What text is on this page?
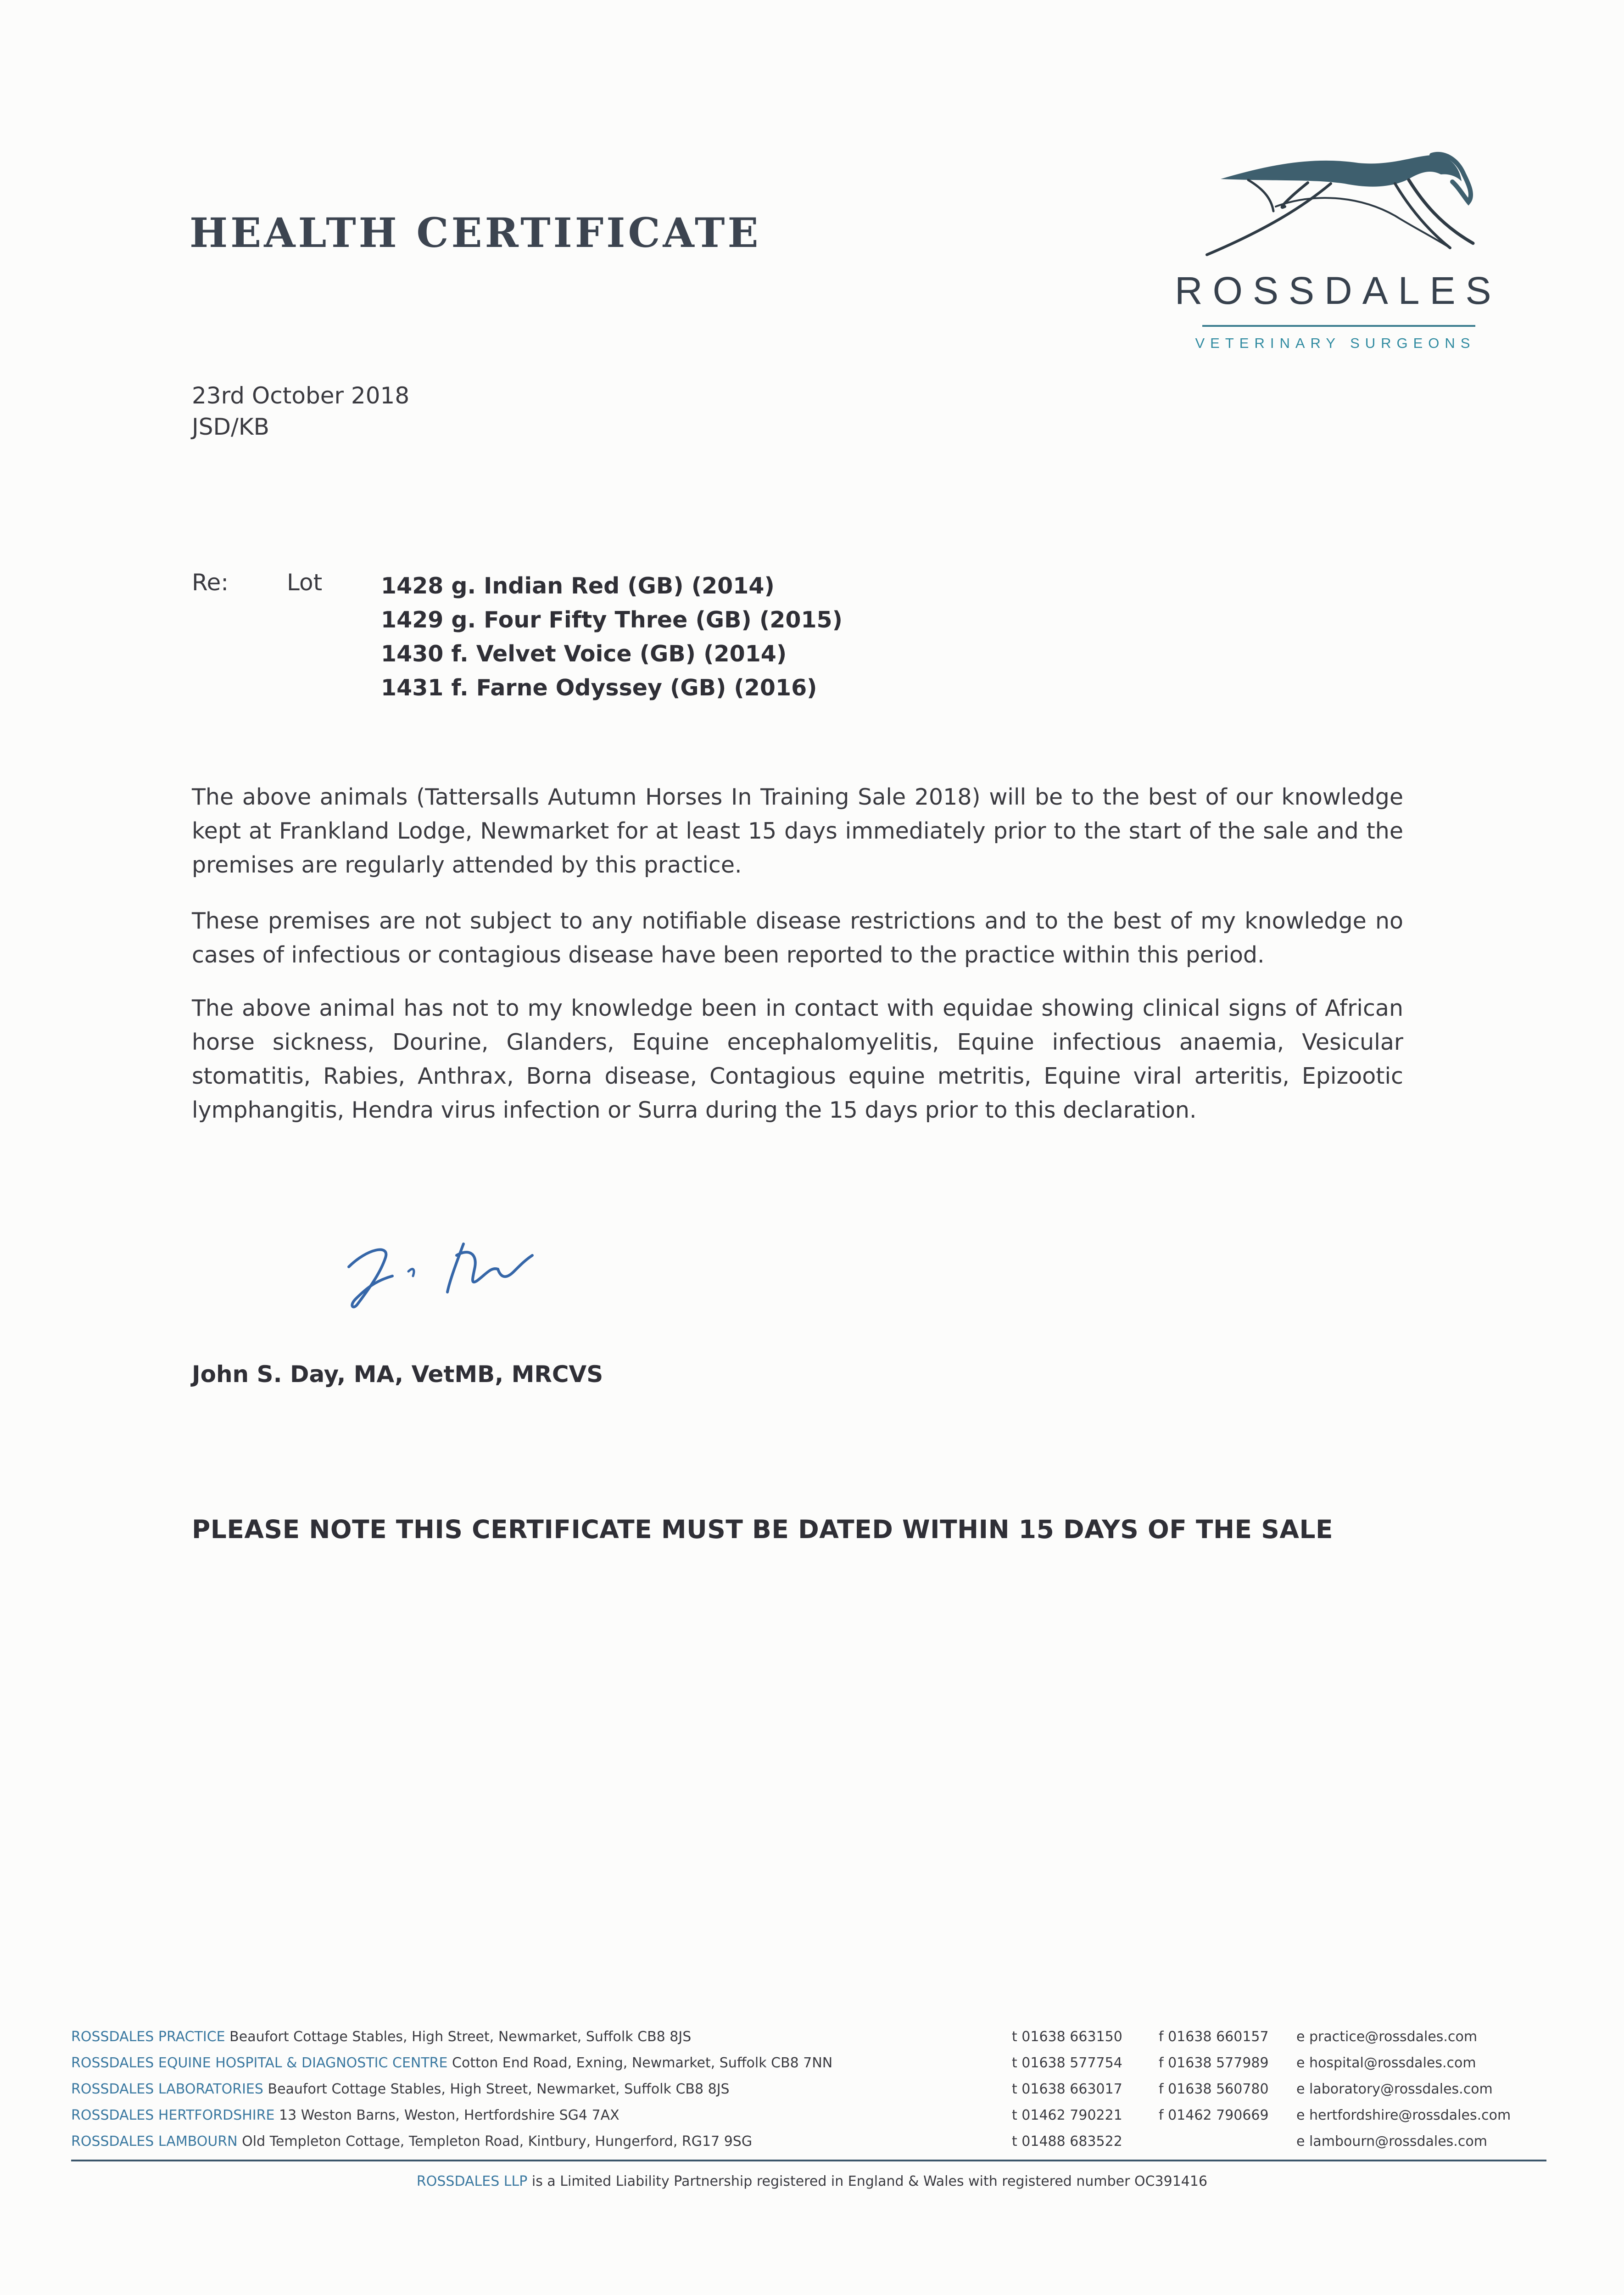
HEALTH CERTIFICATE
ROSSDALES
VETERINARY SURGEONS
23rd October 2018
JSD/KB
Re:	Lot	1428 g. Indian Red (GB) (2014)
1429 g. Four Fifty Three (GB) (2015)
1430 f. Velvet Voice (GB) (2014)
1431 f. Farne Odyssey (GB) (2016)

The above animals (Tattersalls Autumn Horses In Training Sale 2018) will be to the best of our knowledge kept at Frankland Lodge, Newmarket for at least 15 days immediately prior to the start of the sale and the premises are regularly attended by this practice.

These premises are not subject to any notifiable disease restrictions and to the best of my knowledge no cases of infectious or contagious disease have been reported to the practice within this period.

The above animal has not to my knowledge been in contact with equidae showing clinical signs of African horse sickness, Dourine, Glanders, Equine encephalomyelitis, Equine infectious anaemia, Vesicular stomatitis, Rabies, Anthrax, Borna disease, Contagious equine metritis, Equine viral arteritis, Epizootic lymphangitis, Hendra virus infection or Surra during the 15 days prior to this declaration.

John S. Day, MA, VetMB, MRCVS
PLEASE NOTE THIS CERTIFICATE MUST BE DATED WITHIN 15 DAYS OF THE SALE
ROSSDALES PRACTICE Beaufort Cottage Stables, High Street, Newmarket, Suffolk CB8 8JS	t 01638 663150	f 01638 660157 e practice@rossdales.com
ROSSDALES EQUINE HOSPITAL & DIAGNOSTIC CENTRE Cotton End Road, Exning, Newmarket, Suffolk CB8 7NN	t 01638 577754	f 01638 577989 e hospital@rossdales.com
ROSSDALES LABORATORIES Beaufort Cottage Stables, High Street, Newmarket, Suffolk CB8 8JS	t 01638 663017	f 01638 560780 e laboratory@rossdales.com
ROSSDALES HERTFORDSHIRE 13 Weston Barns, Weston, Hertfordshire SG4 7AX	t 01462 790221	f 01462 790669 e hertfordshire@rossdales.com
ROSSDALES LAMBOURN Old Templeton Cottage, Templeton Road, Kintbury, Hungerford, RG17 9SG	t 01488 683522	e lambourn@rossdales.com
ROSSDALES LLP is a Limited Liability Partnership registered in England & Wales with registered number OC391416
